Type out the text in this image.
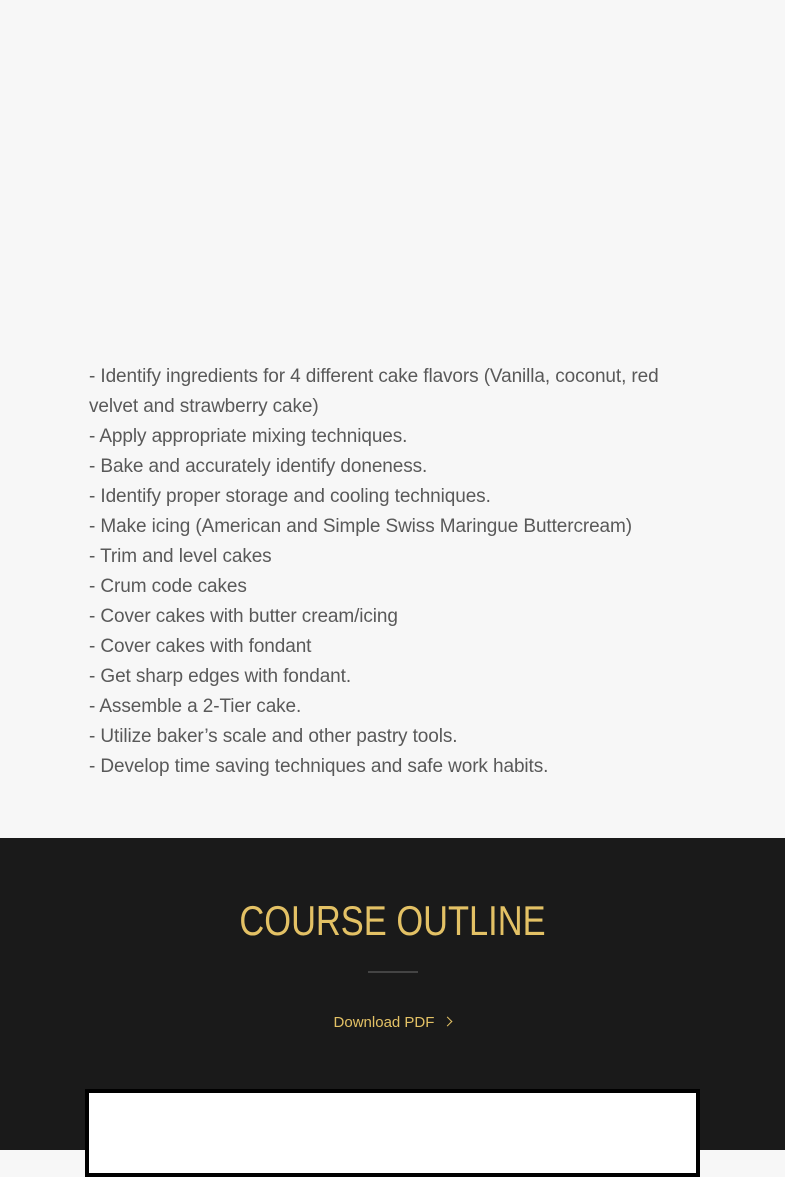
- Identify ingredients for 4 different cake flavors (Vanilla, coconut, red velvet and strawberry cake)
- Apply appropriate mixing techniques.
- Bake and accurately identify doneness.
- Identify proper storage and cooling techniques.
- Make icing (American and Simple Swiss Maringue Buttercream)
- Trim and level cakes
- Crum code cakes
- Cover cakes with butter cream/icing
- Cover cakes with fondant
- Get sharp edges with fondant.
- Assemble a 2-Tier cake.
- Utilize baker’s scale and other pastry tools.
- Develop time saving techniques and safe work habits.
COURSE OUTLINE
Download PDF
